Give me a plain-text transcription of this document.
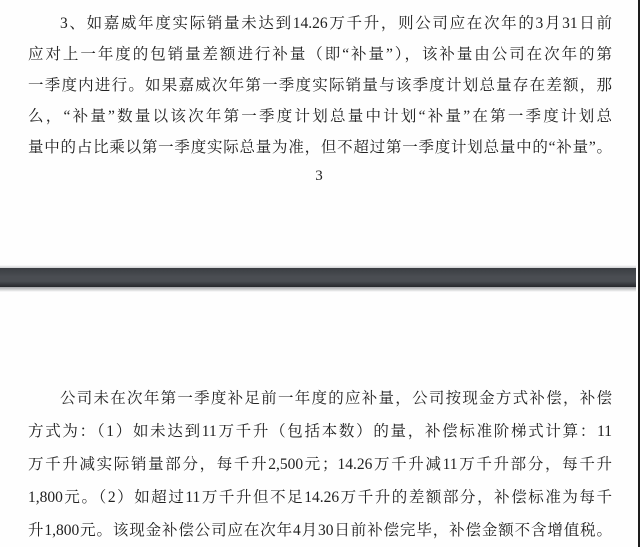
3、如嘉威年度实际销量未达到14.26万千升，则公司应在次年的3月31日前
应对上一年度的包销量差额进行补量（即“补量”），该补量由公司在次年的第
一季度内进行。如果嘉威次年第一季度实际销量与该季度计划总量存在差额，那
么，“补量”数量以该次年第一季度计划总量中计划“补量”在第一季度计划总
量中的占比乘以第一季度实际总量为准，但不超过第一季度计划总量中的“补量”。
3
公司未在次年第一季度补足前一年度的应补量，公司按现金方式补偿，补偿
方式为：（1）如未达到11万千升（包括本数）的量，补偿标准阶梯式计算：11
万千升减实际销量部分，每千升2,500元；14.26万千升减11万千升部分，每千升
1,800元。（2）如超过11万千升但不足14.26万千升的差额部分，补偿标准为每千
升1,800元。该现金补偿公司应在次年4月30日前补偿完毕，补偿金额不含增值税。
